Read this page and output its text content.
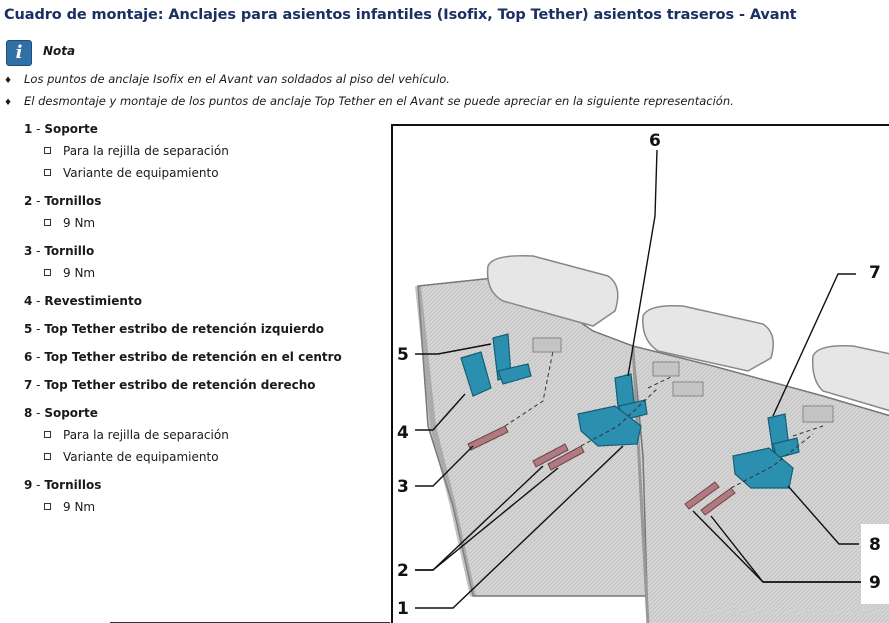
Cuadro de montaje: Anclajes para asientos infantiles (Isofix, Top Tether) asientos traseros - Avant
i	Nota
♦ Los puntos de anclaje Isofix en el Avant van soldados al piso del vehículo.
♦ El desmontaje y montaje de los puntos de anclaje Top Tether en el Avant se puede apreciar en la siguiente representación.
1 - Soporte
Para la rejilla de separación
Variante de equipamiento
2 - Tornillos
9 Nm
3 - Tornillo
9 Nm
4 - Revestimiento
5 - Top Tether estribo de retención izquierdo
6 - Top Tether estribo de retención en el centro
7 - Top Tether estribo de retención derecho
8 - Soporte
Para la rejilla de separación
Variante de equipamiento
9 - Tornillos
9 Nm
6
7
5
4
3
2
1
8
9
audisport-iberica.com
